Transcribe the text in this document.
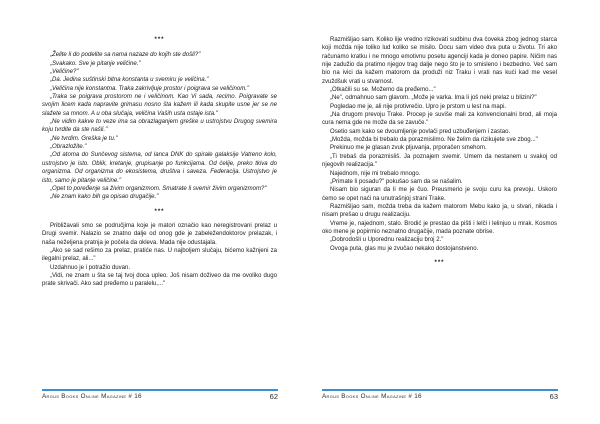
***

„Želite li do podelite sa nama nazaze do kojih ste došli?"

„Svakako. Sve je pitanje veličine."

„Veličine?"

„Da. Jedina suštinski bitna konstanta u svemiru je veličina."

„Veličina nije konstantna. Traka zakrivljuje prostor i poigrava se veličinom."

„Traka se poigrava prostorom ne i veličinom. Kao Vi sada, recimo. Poigravate se svojim licem kada napravite grimasu nosno šta kažem ili kada skupite usne jer se ne slažete sa mnom. A u oba slučaja, veličina Vaših usta ostaje ista."

„Ne vidim kakve to veze ima sa obrazlaganjem greške u ustrojstvu Drugog svemira koju tvrdite da ste našli."

„Ne tvrdim. Greška je tu."

„Obrazložite."

„Od atoma do Sunčevog sistema, od lanca DNK do spirale galaksije Vatreno kolo, ustrojstvo je isto. Oblik, kretanje, grupisanje po funkcijama. Od ćelije, preko tkiva do organizma. Od organizma do ekosistema, društva i saveza. Federacija. Ustrojstvo je isto, samo je pitanje veličine."

„Opet to poređenje sa živim organizmom. Smatrate li svemir živim organizmom?"

„Ne znam kako bih ga opisao drugačije."

***

Približavali smo se područjima koje je matori označio kao neregistrovani prelaz u Drugi svemir. Nalazio se znatno dalje od onog gde je zabeležendoktorov prelazak, i naša neželjena pratnja je počela da okleva. Mada nije odustajala.

„Ako se sad rešimo za prelaz, pratiće nas. U najboljem slučaju, bićemo kažnjeni za ilegalni prelaz, ali..."

Uzdahnuo je i potražio duvan.

„Vidi, ne znam u šta se taj tvoj doca upleo. Još nisam doživeo da me ovoliko dugo prate skrivači. Ako sad pređemo u paralelu,..."

Argus Books Online Magazine # 16	62

Razmišljao sam. Koliko lije vredno rizikovati sudbinu dva čoveka zbog jednog starca koji možda nije toliko lud koliko se misilo. Docu sam video dva puta u životu. Tri ako računamo kratku i ne mnogo emotivnu posetu agenciji kada je doneo papire. Ničim nas nije zadužio da pratimo njegov trag dalje nego što je to smisleno i bezbedno. Već sam bio na ivici da kažem matorom da produži niz Traku i vrati nas kući kad me vesel zvuždšuk vrati u stvarnost.

„Otkačili su se. Možemo da pređemo..."

„Ne", odmahnuo sam glavom. „Može je varka. Ima li još neki prelaz u blizini?"

Pogledao me je, ali nije protivrečio. Upro je prstom u lest na mapi.

„Na drugom prevoju Trake. Procep je suviše mali za konvencionalni brod, ali moja cura nema gde ne može da se zavuče."

Osetio sam kako se dvoumljenje povlači pred uzbuđenjem i zastao.

„Možda, možda bi trebalo da porazmislimo. Ne želim da rizikujete sve zbog..."

Prekinuo me je glasan zvuk pljuvanja, prporačen smehom.

„Ti trebaš da porazmisliš. Ja poznajem svemir. Umem da nestanem u svakoj od njegovih realizacija."

Najednom, nije mi trebalo mnogo.

„Primate li posadu?" pokušao sam da se našalim.

Nisam bio siguran da li me je čuo. Preusmerio je svoju curu ka prevoju. Uskoro ćemo se opet naći na unutrašnjoj strani Trake.

Razmišljao sam, možda treba da kažem matorom Mebu kako ja, u stvari, nikada i nisam prešao u drugu realizaciju.

Vreme je, najednom, stalo. Brodić je prestao da pišti i lelči i lelinjuo u mrak. Kosmos oko mene je popirmio neznatno drugačije, mada poznate obrise.

„Dobrodošli u Uporednu realizaciju broj 2."

Ovoga puta, glas mu je zvučao nekako dostojanstveno.

***

Argus Books Online Magazine # 16	63
